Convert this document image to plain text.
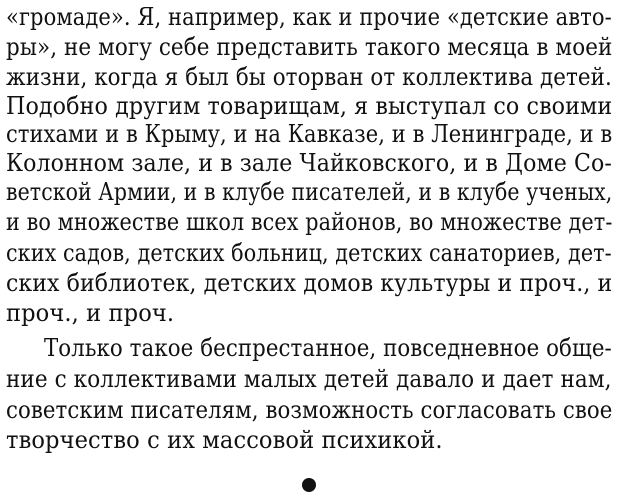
«громаде». Я, например, как и прочие «детские авто-
ры», не могу себе представить такого месяца в моей
жизни, когда я был бы оторван от коллектива детей.
Подобно другим товарищам, я выступал со своими
стихами и в Крыму, и на Кавказе, и в Ленинграде, и в
Колонном зале, и в зале Чайковского, и в Доме Со-
ветской Армии, и в клубе писателей, и в клубе ученых,
и во множестве школ всех районов, во множестве дет-
ских садов, детских больниц, детских санаториев, дет-
ских библиотек, детских домов культуры и проч., и
проч., и проч.
Только такое беспрестанное, повседневное обще-
ние с коллективами малых детей давало и дает нам,
советским писателям, возможность согласовать свое
творчество с их массовой психикой.
